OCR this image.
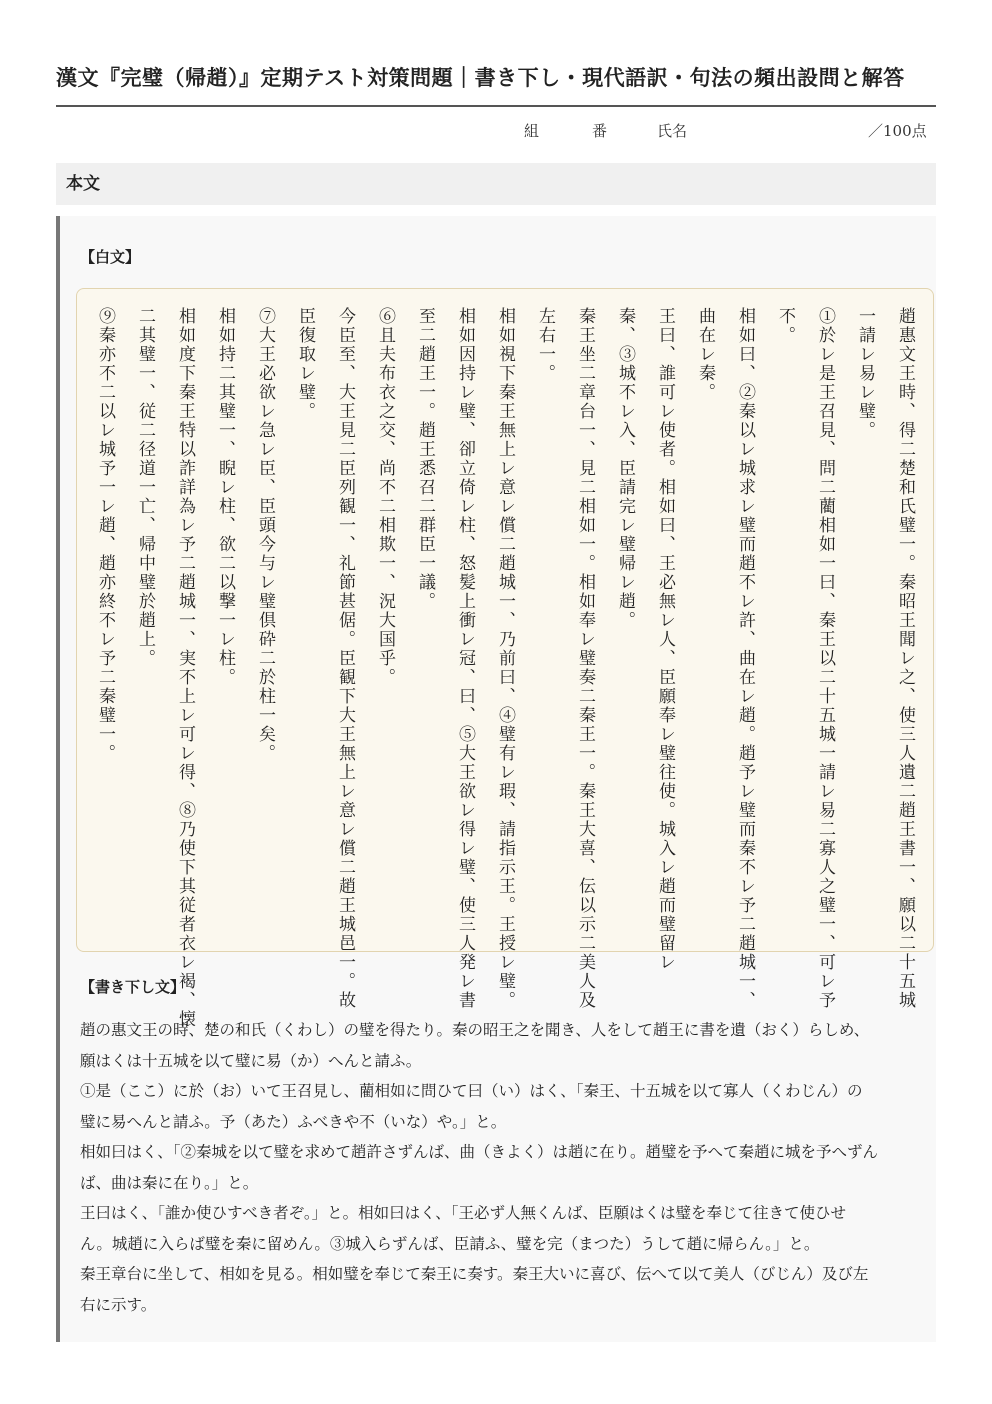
漢文『完璧（帰趙）』定期テスト対策問題｜書き下し・現代語訳・句法の頻出設問と解答
組	番	氏名	／100点
本文
【白文】
趙惠文王時、得二楚和氏璧一。秦昭王聞レ之、使三人遺二趙王書一、願以二十五城
一請レ易レ璧。
①於レ是王召見、問二藺相如一曰、秦王以二十五城一請レ易二寡人之璧一、可レ予
不。
相如曰、②秦以レ城求レ璧而趙不レ許、曲在レ趙。趙予レ璧而秦不レ予二趙城一、
曲在レ秦。
王曰、誰可レ使者。相如曰、王必無レ人、臣願奉レ璧往使。城入レ趙而璧留レ
秦、③城不レ入、臣請完レ璧帰レ趙。
秦王坐二章台一、見二相如一。相如奉レ璧奏二秦王一。秦王大喜、伝以示二美人及
左右一。
相如視下秦王無上レ意レ償二趙城一、乃前曰、④璧有レ瑕、請指示王。王授レ璧。
相如因持レ璧、卻立倚レ柱、怒髪上衝レ冠、曰、⑤大王欲レ得レ璧、使三人発レ書
至二趙王一。趙王悉召二群臣一議。
⑥且夫布衣之交、尚不二相欺一、況大国乎。
今臣至、大王見二臣列観一、礼節甚倨。臣観下大王無上レ意レ償二趙王城邑一。故
臣復取レ璧。
⑦大王必欲レ急レ臣、臣頭今与レ璧倶砕二於柱一矣。
相如持二其璧一、睨レ柱、欲二以撃一レ柱。
相如度下秦王特以詐詳為レ予二趙城一、実不上レ可レ得、⑧乃使下其従者衣レ褐、懐
二其璧一、従二径道一亡、帰中璧於趙上。
⑨秦亦不二以レ城予一レ趙、趙亦終不レ予二秦璧一。
【書き下し文】

趙の惠文王の時、楚の和氏（くわし）の璧を得たり。秦の昭王之を聞き、人をして趙王に書を遺（おく）らしめ、

願はくは十五城を以て璧に易（か）へんと請ふ。

①是（ここ）に於（お）いて王召見し、藺相如に問ひて曰（い）はく、「秦王、十五城を以て寡人（くわじん）の

璧に易へんと請ふ。予（あた）ふべきや不（いな）や。」と。

相如曰はく、「②秦城を以て璧を求めて趙許さずんば、曲（きよく）は趙に在り。趙璧を予へて秦趙に城を予へずん

ば、曲は秦に在り。」と。

王曰はく、「誰か使ひすべき者ぞ。」と。相如曰はく、「王必ず人無くんば、臣願はくは璧を奉じて往きて使ひせ

ん。城趙に入らば璧を秦に留めん。③城入らずんば、臣請ふ、璧を完（まつた）うして趙に帰らん。」と。

秦王章台に坐して、相如を見る。相如璧を奉じて秦王に奏す。秦王大いに喜び、伝へて以て美人（びじん）及び左

右に示す。
